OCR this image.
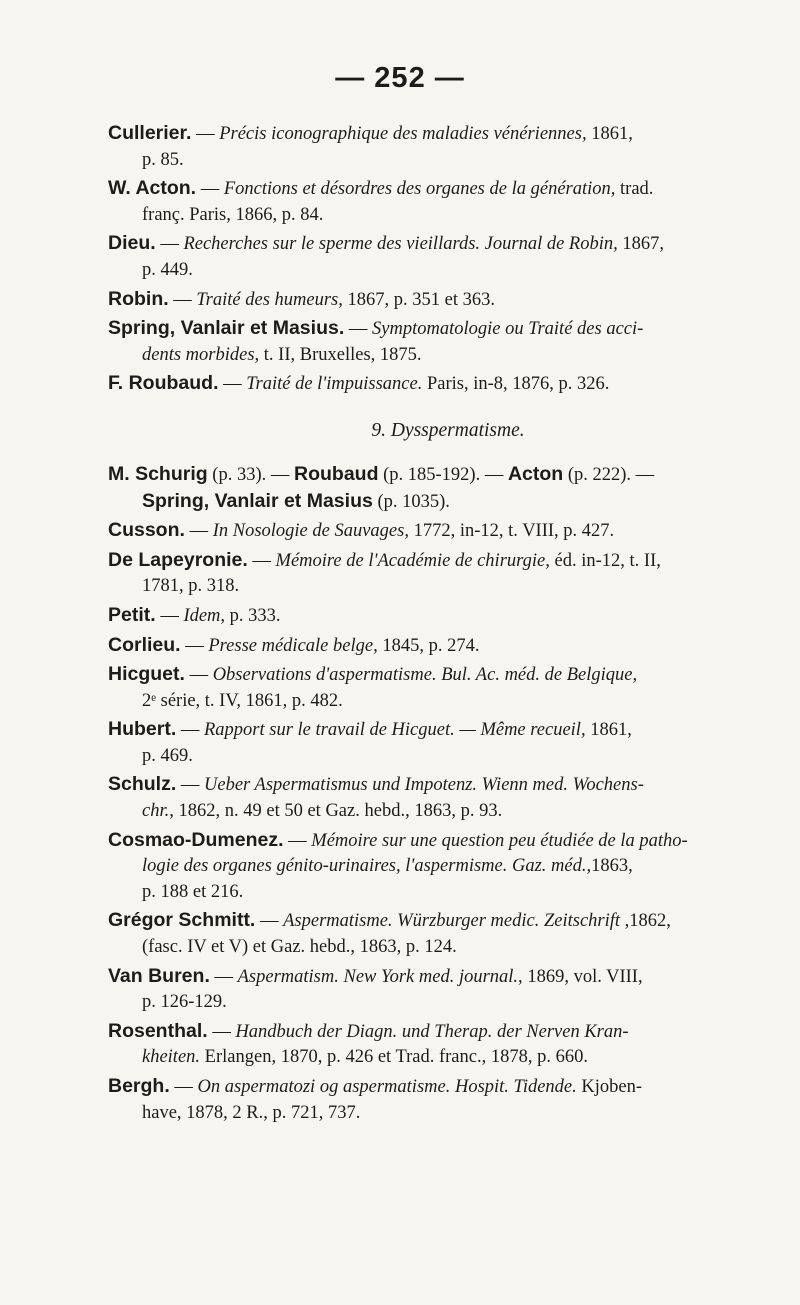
— 252 —
Cullerier. — Précis iconographique des maladies vénériennes, 1861,
p. 85.
W. Acton. — Fonctions et désordres des organes de la génération, trad.
franç. Paris, 1866, p. 84.
Dieu. — Recherches sur le sperme des vieillards. Journal de Robin, 1867,
p. 449.
Robin. — Traité des humeurs, 1867, p. 351 et 363.
Spring, Vanlair et Masius. — Symptomatologie ou Traité des acci-
dents morbides, t. II, Bruxelles, 1875.
F. Roubaud. — Traité de l'impuissance. Paris, in-8, 1876, p. 326.
9. Dysspermatisme.
M. Schurig (p. 33). — Roubaud (p. 185-192). — Acton (p. 222). —
Spring, Vanlair et Masius (p. 1035).
Cusson. — In Nosologie de Sauvages, 1772, in-12, t. VIII, p. 427.
De Lapeyronie. — Mémoire de l'Académie de chirurgie, éd. in-12, t. II,
1781, p. 318.
Petit. — Idem, p. 333.
Corlieu. — Presse médicale belge, 1845, p. 274.
Hicguet. — Observations d'aspermatisme. Bul. Ac. méd. de Belgique,
2ᵉ série, t. IV, 1861, p. 482.
Hubert. — Rapport sur le travail de Hicguet. — Même recueil, 1861,
p. 469.
Schulz. — Ueber Aspermatismus und Impotenz. Wienn med. Wochens-
chr., 1862, n. 49 et 50 et Gaz. hebd., 1863, p. 93.
Cosmao-Dumenez. — Mémoire sur une question peu étudiée de la patho-
logie des organes génito-urinaires, l'aspermisme. Gaz. méd.,1863,
p. 188 et 216.
Grégor Schmitt. — Aspermatisme. Würzburger medic. Zeitschrift ,1862,
(fasc. IV et V) et Gaz. hebd., 1863, p. 124.
Van Buren. — Aspermatism. New York med. journal., 1869, vol. VIII,
p. 126-129.
Rosenthal. — Handbuch der Diagn. und Therap. der Nerven Kran-
kheiten. Erlangen, 1870, p. 426 et Trad. franc., 1878, p. 660.
Bergh. — On aspermatozi og aspermatisme. Hospit. Tidende. Kjoben-
have, 1878, 2 R., p. 721, 737.
